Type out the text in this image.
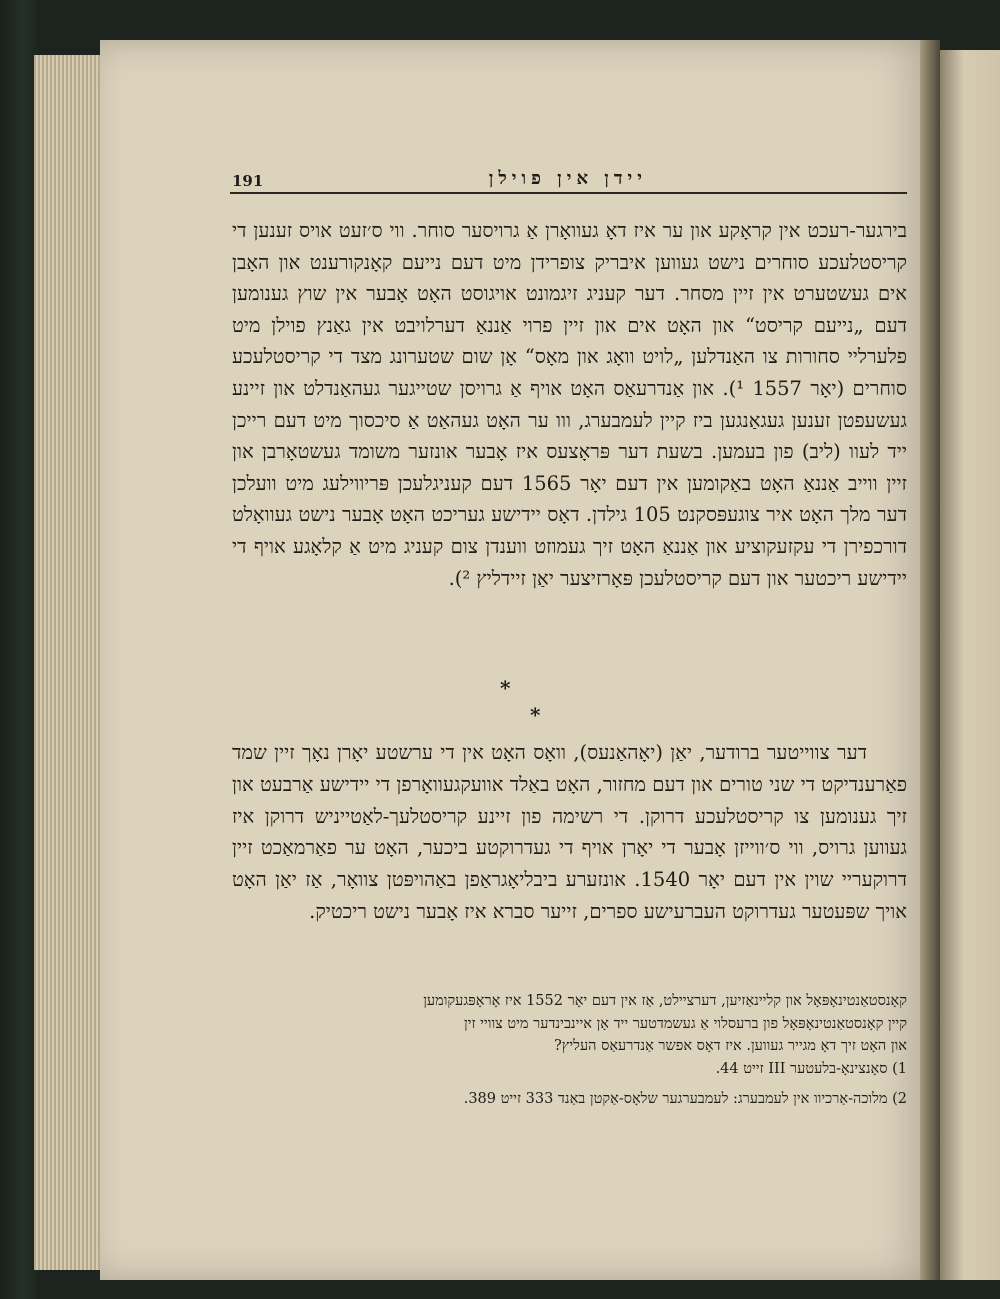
יידן אין פוילן
191

בירגער-רעכט אין קראָקע און ער איז דאָ געוואָרן אַ גרויסער סוחר. ווי ס׳זעט אויס זענען די קריסטלעכע סוחרים נישט געווען איבריק צופרידן מיט דעם נייעם קאָנקורענט און האָבן אים געשטערט אין זיין מסחר. דער קעניג זיגמונט אויגוסט האָט אָבער אין שוץ גענומען דעם „נייעם קריסט“ און האָט אים און זיין פרוי אַננאַ דערלויבט אין גאַנץ פוילן מיט פלערליי סחורות צו האַנדלען „לויט וואָג און מאָס“ אָן שום שטערונג מצד די קריסטלעכע סוחרים (יאָר 1557 ¹). און אַנדרעאַס האָט אויף אַ גרויסן שטייגער געהאַנדלט און זיינע געשעפטן זענען געגאַנגען ביז קיין לעמבערג, ווו ער האָט געהאַט אַ סיכסוך מיט דעם רייכן ייד לעוו (ליב) פון בעמען. בשעת דער פּראָצעס איז אָבער אונזער משומד געשטאָרבן און זיין ווייב אַננאַ האָט באַקומען אין דעם יאָר 1565 דעם קעניגלעכן פּריווילעג מיט וועלכן דער מלך האָט איר צוגעפּסקנט 105 גילדן. דאָס יידישע געריכט האָט אָבער נישט געוואָלט דורכפירן די עקזעקוציע און אַננאַ האָט זיך געמוזט ווענדן צום קעניג מיט אַ קלאָגע אויף די יידישע ריכטער און דעם קריסטלעכן פּאָרזיצער יאַן זיידליץ ²).

*
*

דער צווייטער ברודער, יאַן (יאָהאַנעס), וואָס האָט אין די ערשטע יאָרן נאָך זיין שמד פאַרענדיקט די שני טורים און דעם מחזור, האָט באַלד אוועקגעוואָרפן די יידישע אַרבעט און זיך גענומען צו קריסטלעכע דרוקן. די רשימה פון זיינע קריסטלעך-לאַטייניש דרוקן איז געווען גרויס, ווי ס׳ווייזן אָבער די יאָרן אויף די געדרוקטע ביכער, האָט ער פאַרמאַכט זיין דרוקעריי שוין אין דעם יאָר 1540. אונזערע ביבליאָגראַפן באַהויפּטן צוואָר, אַז יאַן האָט אויך שפּעטער געדרוקט העברעישע ספרים, זייער סברא איז אָבער נישט ריכטיק.

קאָנסטאַנטינאָפּאָל און קליינאַזיען, דערציילט, אַז אין דעם יאָר 1552 איז אָראָפּגעקומען
קיין קאָנסטאַנטינאָפּאָל פון ברעסלוי אַ געשמדטער ייד אָן איינבינדער מיט צוויי זין
און האָט זיך דאָ מגייר געווען. איז דאָס אפשר אַנדרעאַס העליץ?
1) סאָנצינאָ-בלעטער III זייט 44.
2) מלוכה-אַרכיוו אין לעמבערג: לעמבערגער שלאָס-אַקטן באַנד 333 זייט 389.
